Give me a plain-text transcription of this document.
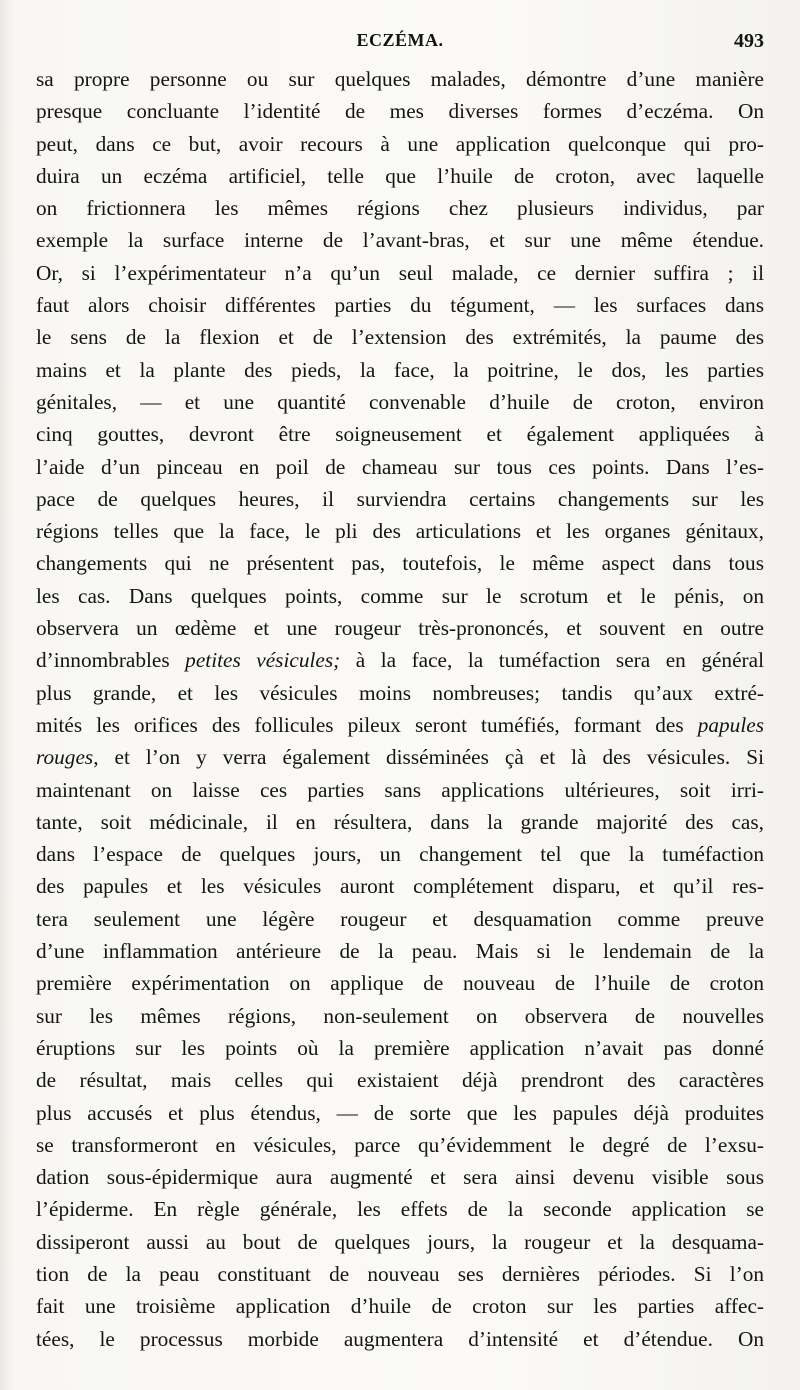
ECZÉMA.	493
sa propre personne ou sur quelques malades, démontre d’une manière
presque concluante l’identité de mes diverses formes d’eczéma. On
peut, dans ce but, avoir recours à une application quelconque qui pro-
duira un eczéma artificiel, telle que l’huile de croton, avec laquelle
on frictionnera les mêmes régions chez plusieurs individus, par
exemple la surface interne de l’avant-bras, et sur une même étendue.
Or, si l’expérimentateur n’a qu’un seul malade, ce dernier suffira ; il
faut alors choisir différentes parties du tégument, — les surfaces dans
le sens de la flexion et de l’extension des extrémités, la paume des
mains et la plante des pieds, la face, la poitrine, le dos, les parties
génitales, — et une quantité convenable d’huile de croton, environ
cinq gouttes, devront être soigneusement et également appliquées à
l’aide d’un pinceau en poil de chameau sur tous ces points. Dans l’es-
pace de quelques heures, il surviendra certains changements sur les
régions telles que la face, le pli des articulations et les organes génitaux,
changements qui ne présentent pas, toutefois, le même aspect dans tous
les cas. Dans quelques points, comme sur le scrotum et le pénis, on
observera un œdème et une rougeur très-prononcés, et souvent en outre
d’innombrables petites vésicules; à la face, la tuméfaction sera en général
plus grande, et les vésicules moins nombreuses; tandis qu’aux extré-
mités les orifices des follicules pileux seront tuméfiés, formant des papules
rouges, et l’on y verra également disséminées çà et là des vésicules. Si
maintenant on laisse ces parties sans applications ultérieures, soit irri-
tante, soit médicinale, il en résultera, dans la grande majorité des cas,
dans l’espace de quelques jours, un changement tel que la tuméfaction
des papules et les vésicules auront complétement disparu, et qu’il res-
tera seulement une légère rougeur et desquamation comme preuve
d’une inflammation antérieure de la peau. Mais si le lendemain de la
première expérimentation on applique de nouveau de l’huile de croton
sur les mêmes régions, non-seulement on observera de nouvelles
éruptions sur les points où la première application n’avait pas donné
de résultat, mais celles qui existaient déjà prendront des caractères
plus accusés et plus étendus, — de sorte que les papules déjà produites
se transformeront en vésicules, parce qu’évidemment le degré de l’exsu-
dation sous-épidermique aura augmenté et sera ainsi devenu visible sous
l’épiderme. En règle générale, les effets de la seconde application se
dissiperont aussi au bout de quelques jours, la rougeur et la desquama-
tion de la peau constituant de nouveau ses dernières périodes. Si l’on
fait une troisième application d’huile de croton sur les parties affec-
tées, le processus morbide augmentera d’intensité et d’étendue. On
